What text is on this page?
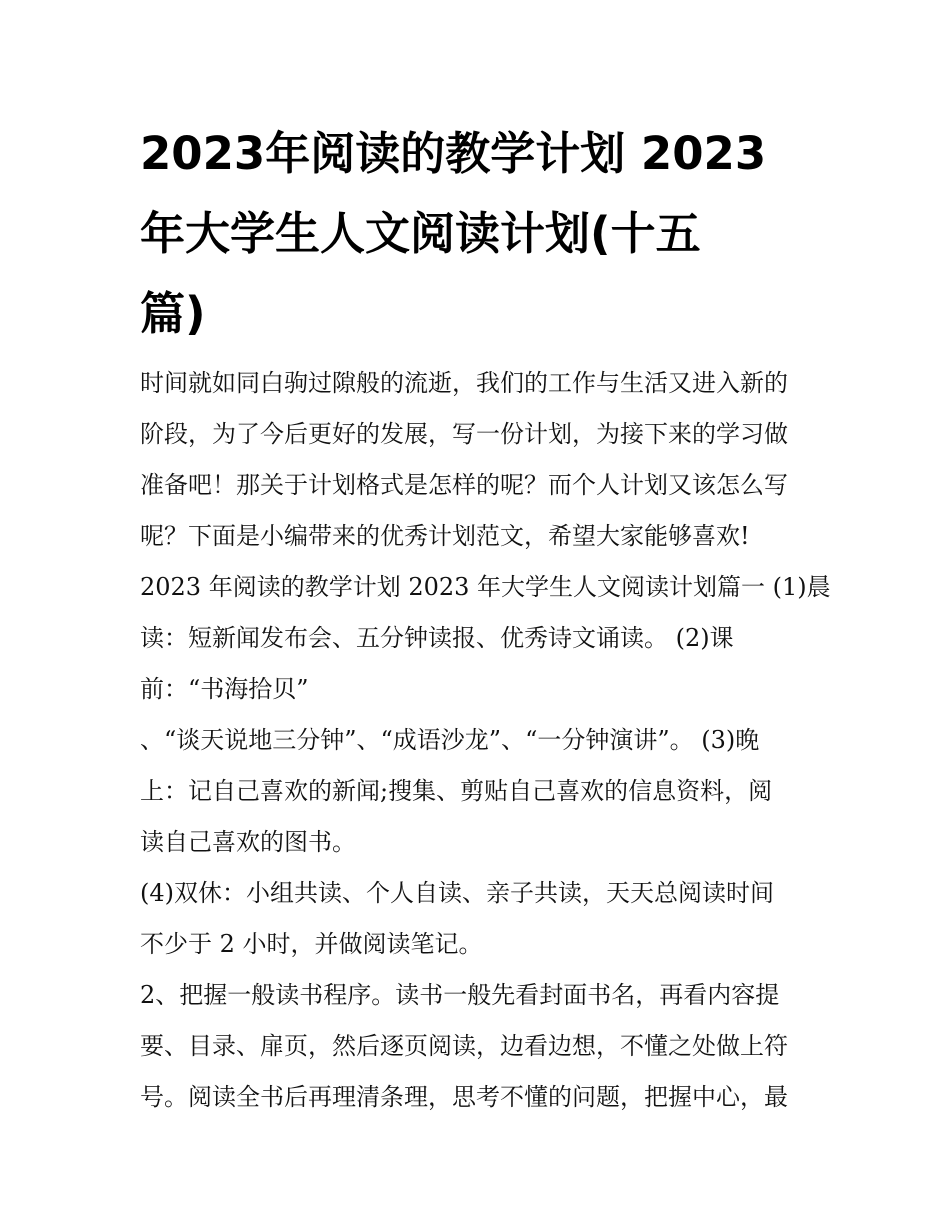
2023年阅读的教学计划 2023
年大学生人文阅读计划(十五
篇)

时间就如同白驹过隙般的流逝，我们的工作与生活又进入新的

阶段，为了今后更好的发展，写一份计划，为接下来的学习做

准备吧！那关于计划格式是怎样的呢？而个人计划又该怎么写

呢？下面是小编带来的优秀计划范文，希望大家能够喜欢!

2023 年阅读的教学计划 2023 年大学生人文阅读计划篇一 (1)晨

读：短新闻发布会、五分钟读报、优秀诗文诵读。 (2)课

前：“书海拾贝”

、“谈天说地三分钟”、“成语沙龙”、“一分钟演讲”。 (3)晚

上：记自己喜欢的新闻;搜集、剪贴自己喜欢的信息资料，阅

读自己喜欢的图书。

(4)双休：小组共读、个人自读、亲子共读，天天总阅读时间

不少于 2 小时，并做阅读笔记。

2、把握一般读书程序。读书一般先看封面书名，再看内容提

要、目录、扉页，然后逐页阅读，边看边想，不懂之处做上符

号。阅读全书后再理清条理，思考不懂的问题，把握中心，最
